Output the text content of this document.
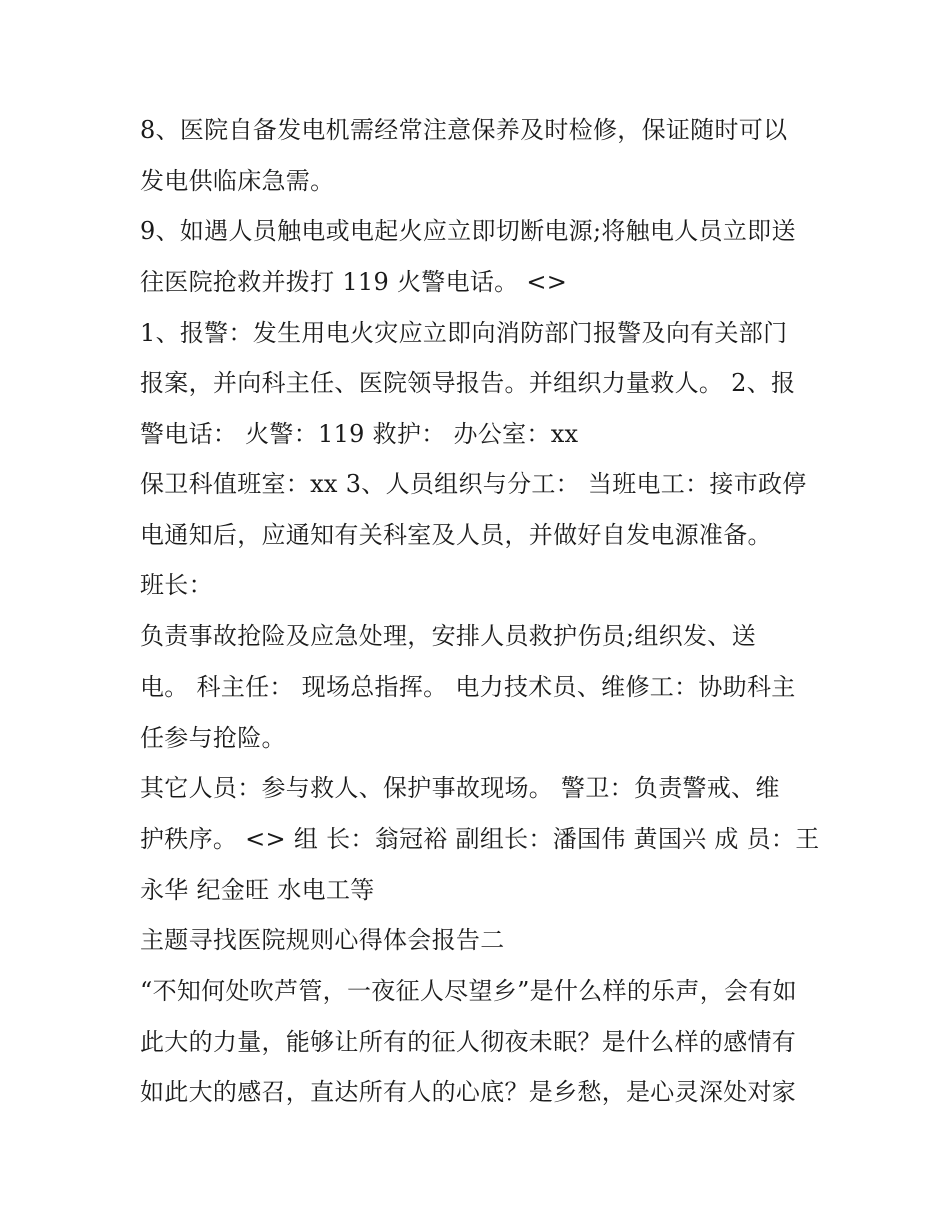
8、医院自备发电机需经常注意保养及时检修，保证随时可以
发电供临床急需。
9、如遇人员触电或电起火应立即切断电源;将触电人员立即送
往医院抢救并拨打 119 火警电话。 <>
1、报警：发生用电火灾应立即向消防部门报警及向有关部门
报案，并向科主任、医院领导报告。并组织力量救人。 2、报
警电话： 火警：119 救护： 办公室：xx
保卫科值班室：xx 3、人员组织与分工： 当班电工：接市政停
电通知后，应通知有关科室及人员，并做好自发电源准备。
班长：
负责事故抢险及应急处理，安排人员救护伤员;组织发、送
电。 科主任： 现场总指挥。 电力技术员、维修工：协助科主
任参与抢险。
其它人员：参与救人、保护事故现场。 警卫：负责警戒、维
护秩序。 <> 组 长：翁冠裕 副组长：潘国伟 黄国兴 成 员：王
永华 纪金旺 水电工等
主题寻找医院规则心得体会报告二
“不知何处吹芦管，一夜征人尽望乡”是什么样的乐声，会有如
此大的力量，能够让所有的征人彻夜未眠？是什么样的感情有
如此大的感召，直达所有人的心底？是乡愁，是心灵深处对家
